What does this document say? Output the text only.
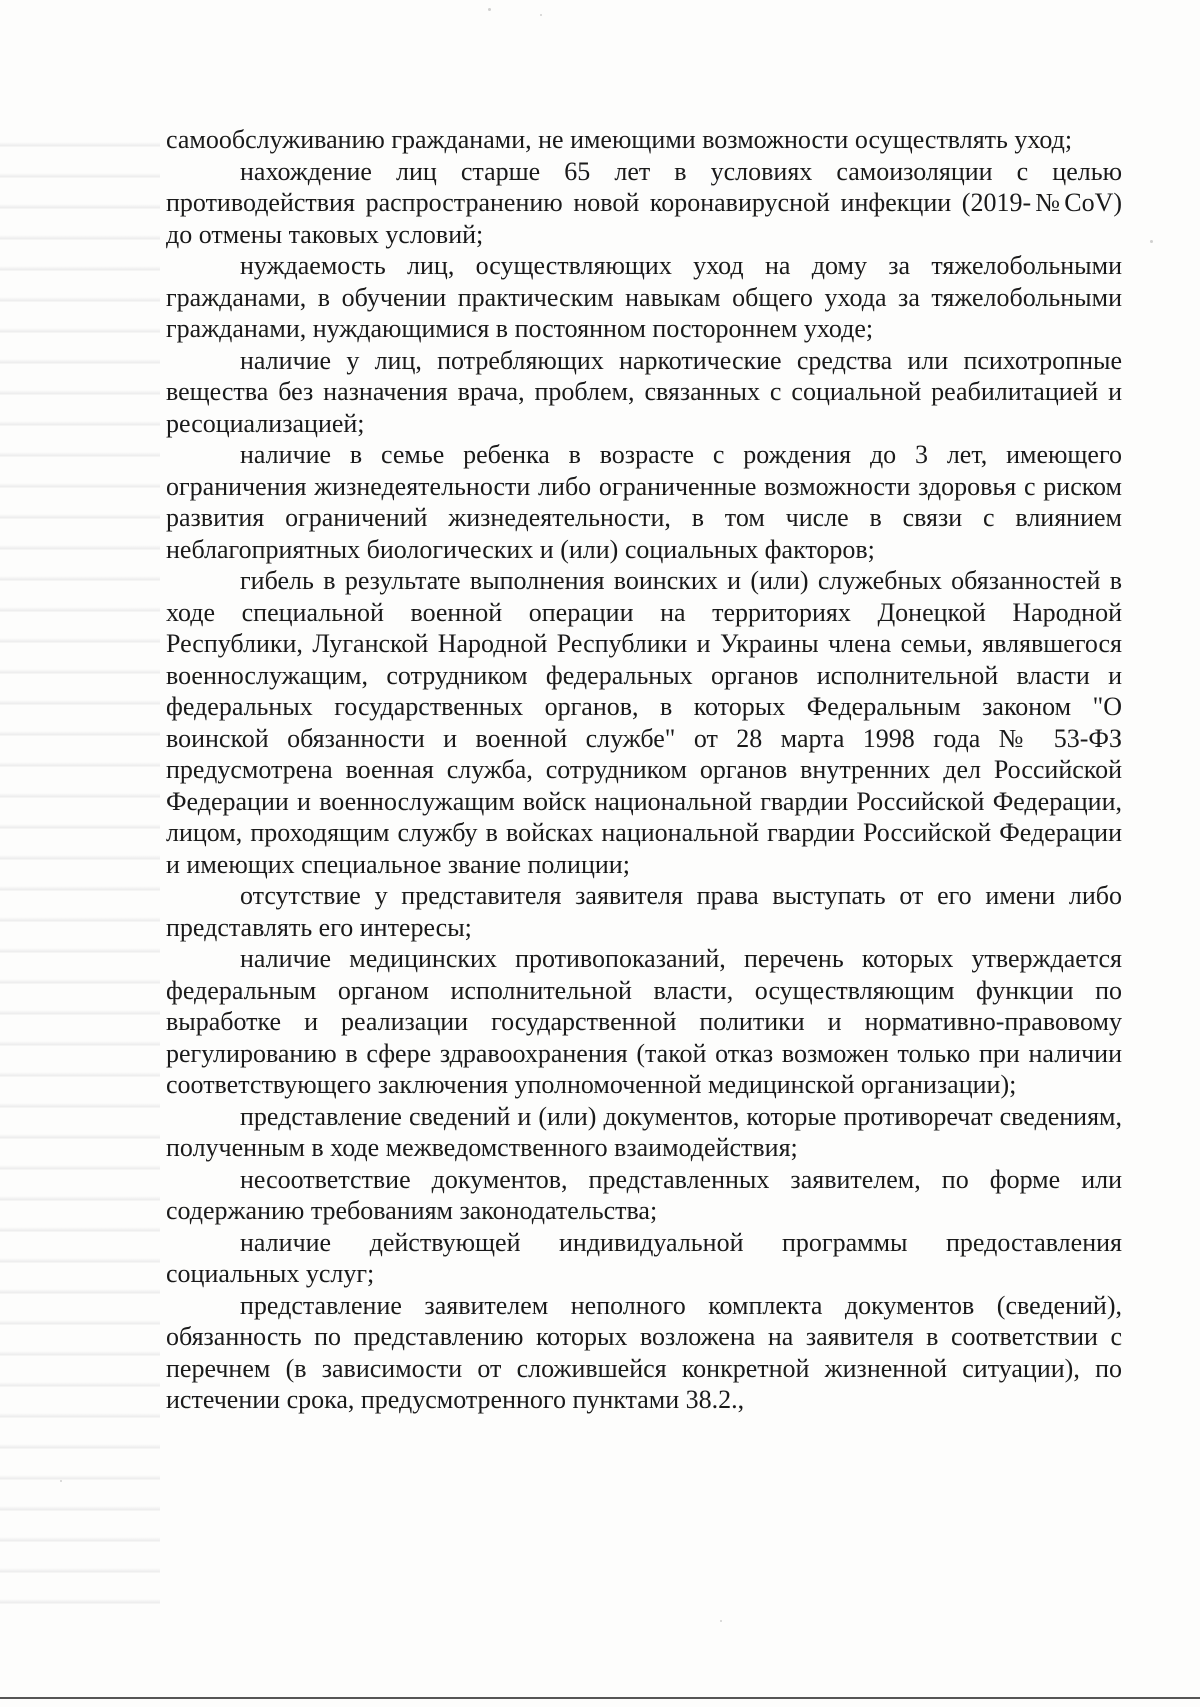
самообслуживанию гражданами, не имеющими возможности осуществлять уход;

нахождение лиц старше 65 лет в условиях самоизоляции с целью противодействия распространению новой коронавирусной инфекции (2019-№CoV) до отмены таковых условий;

нуждаемость лиц, осуществляющих уход на дому за тяжелобольными гражданами, в обучении практическим навыкам общего ухода за тяжелобольными гражданами, нуждающимися в постоянном постороннем уходе;

наличие у лиц, потребляющих наркотические средства или психотропные вещества без назначения врача, проблем, связанных с социальной реабилитацией и ресоциализацией;

наличие в семье ребенка в возрасте с рождения до 3 лет, имеющего ограничения жизнедеятельности либо ограниченные возможности здоровья с риском развития ограничений жизнедеятельности, в том числе в связи с влиянием неблагоприятных биологических и (или) социальных факторов;

гибель в результате выполнения воинских и (или) служебных обязанностей в ходе специальной военной операции на территориях Донецкой Народной Республики, Луганской Народной Республики и Украины члена семьи, являвшегося военнослужащим, сотрудником федеральных органов исполнительной власти и федеральных государственных органов, в которых Федеральным законом "О воинской обязанности и военной службе" от 28 марта 1998 года № 53-ФЗ предусмотрена военная служба, сотрудником органов внутренних дел Российской Федерации и военнослужащим войск национальной гвардии Российской Федерации, лицом, проходящим службу в войсках национальной гвардии Российской Федерации и имеющих специальное звание полиции;

отсутствие у представителя заявителя права выступать от его имени либо представлять его интересы;

наличие медицинских противопоказаний, перечень которых утверждается федеральным органом исполнительной власти, осуществляющим функции по выработке и реализации государственной политики и нормативно-правовому регулированию в сфере здравоохранения (такой отказ возможен только при наличии соответствующего заключения уполномоченной медицинской организации);

представление сведений и (или) документов, которые противоречат сведениям, полученным в ходе межведомственного взаимодействия;

несоответствие документов, представленных заявителем, по форме или содержанию требованиям законодательства;

наличие действующей индивидуальной программы предоставления социальных услуг;

представление заявителем неполного комплекта документов (сведений), обязанность по представлению которых возложена на заявителя в соответствии с перечнем (в зависимости от сложившейся конкретной жизненной ситуации), по истечении срока, предусмотренного пунктами 38.2.,
